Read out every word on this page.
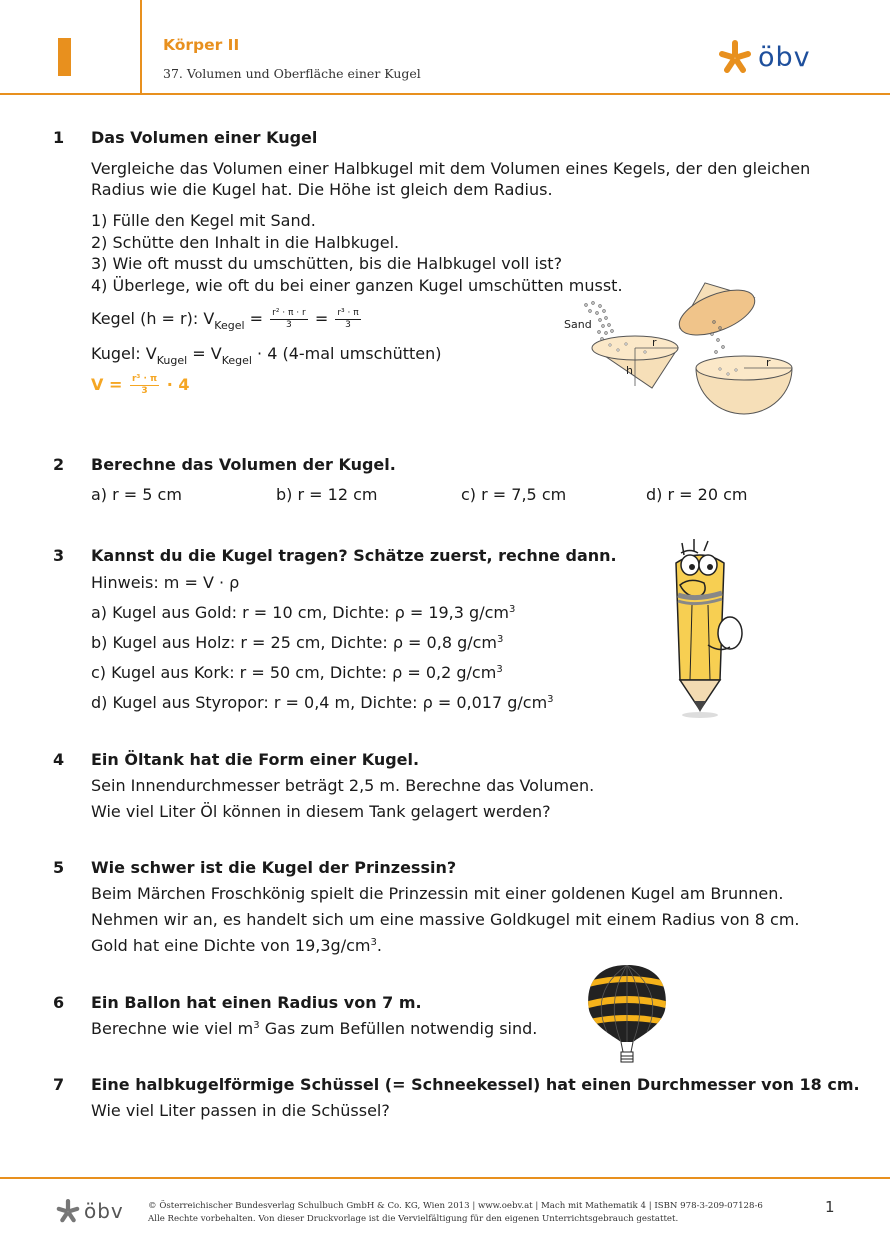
Körper II
37. Volumen und Oberfläche einer Kugel
öbv
1 Das Volumen einer Kugel
Vergleiche das Volumen einer Halbkugel mit dem Volumen eines Kegels, der den gleichen
Radius wie die Kugel hat. Die Höhe ist gleich dem Radius.
1) Fülle den Kegel mit Sand.
2) Schütte den Inhalt in die Halbkugel.
3) Wie oft musst du umschütten, bis die Halbkugel voll ist?
4) Überlege, wie oft du bei einer ganzen Kugel umschütten musst.
Kegel (h = r): $V_{Kegel} = \frac{\text{r² · π · r}}{3} = \frac{\text{r³ · π}}{3}$
Kugel: $V_{Kugel} = V_{Kegel} \cdot 4$ (4-mal umschütten)
$V = \frac{\text{r³ · π}}{3} \cdot 4$
Sand
r
h
r
2 Berechne das Volumen der Kugel.
a) r = 5 cm	b) r = 12 cm	c) r = 7,5 cm	d) r = 20 cm
3 Kannst du die Kugel tragen? Schätze zuerst, rechne dann.
Hinweis: m = V · ρ
a) Kugel aus Gold: r = 10 cm, Dichte: ρ = 19,3 $g/cm^3$
b) Kugel aus Holz: r = 25 cm, Dichte: ρ = 0,8 $g/cm^3$
c) Kugel aus Kork: r = 50 cm, Dichte: ρ = 0,2 $g/cm^3$
d) Kugel aus Styropor: r = 0,4 m, Dichte: ρ = 0,017 $g/cm^3$
4 Ein Öltank hat die Form einer Kugel.
Sein Innendurchmesser beträgt 2,5 m. Berechne das Volumen.
Wie viel Liter Öl können in diesem Tank gelagert werden?
5 Wie schwer ist die Kugel der Prinzessin?
Beim Märchen Froschkönig spielt die Prinzessin mit einer goldenen Kugel am Brunnen.
Nehmen wir an, es handelt sich um eine massive Goldkugel mit einem Radius von 8 cm.
Gold hat eine Dichte von $19,3g/cm^3$.
6 Ein Ballon hat einen Radius von 7 m.
Berechne wie viel $m^3$ Gas zum Befüllen notwendig sind.
7 Eine halbkugelförmige Schüssel (= Schneekessel) hat einen Durchmesser von 18 cm.
Wie viel Liter passen in die Schüssel?
öbv	© Österreichischer Bundesverlag Schulbuch GmbH & Co. KG, Wien 2013 | www.oebv.at | Mach mit Mathematik 4 | ISBN 978-3-209-07128-6
Alle Rechte vorbehalten. Von dieser Druckvorlage ist die Vervielfältigung für den eigenen Unterrichtsgebrauch gestattet.
1
